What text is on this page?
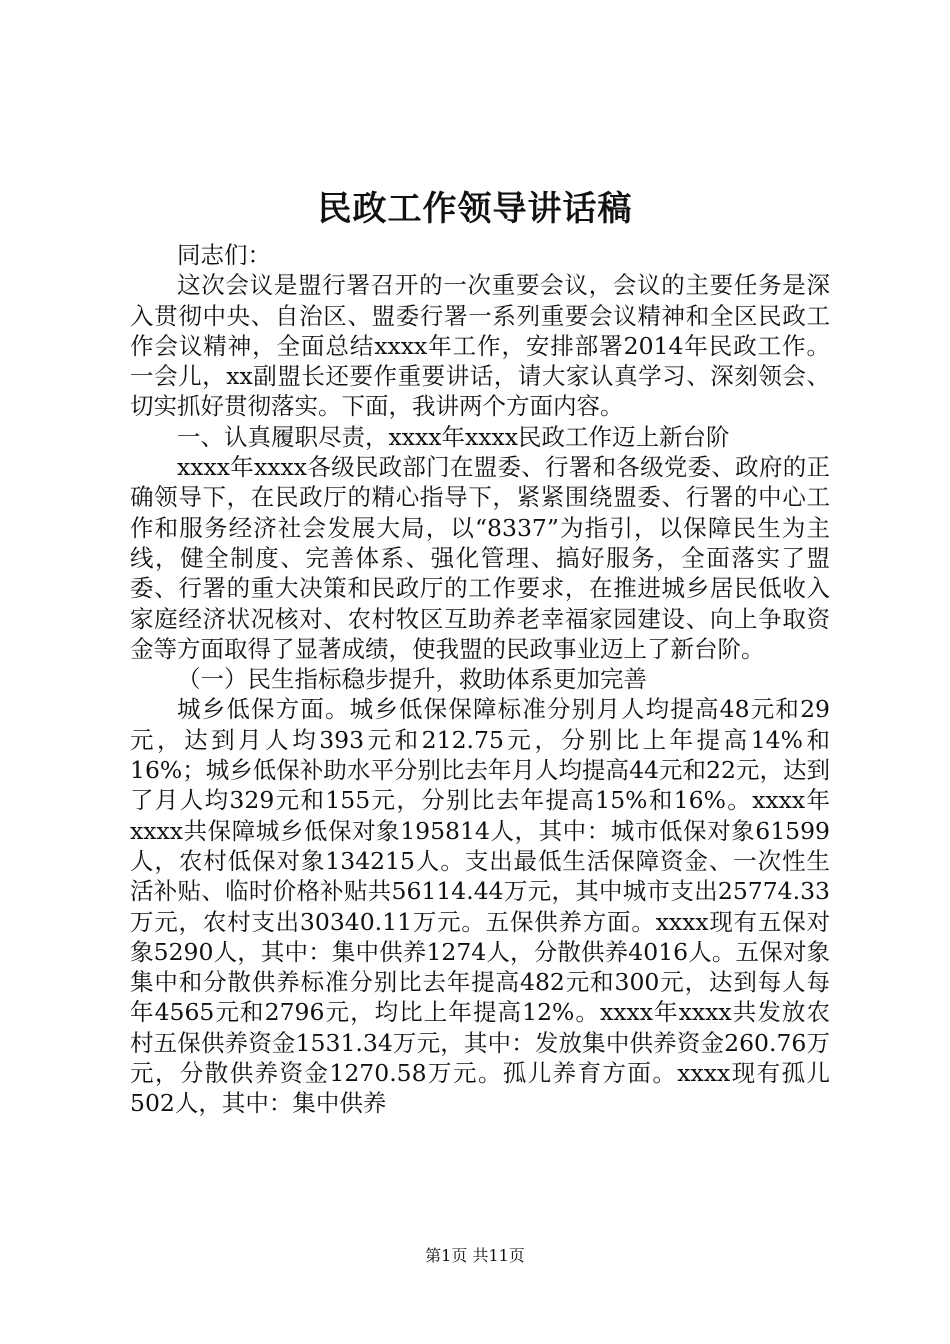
民政工作领导讲话稿

同志们：

这次会议是盟行署召开的一次重要会议，会议的主要任务是深入贯彻中央、自治区、盟委行署一系列重要会议精神和全区民政工作会议精神，全面总结xxxx年工作，安排部署2014年民政工作。一会儿，xx副盟长还要作重要讲话，请大家认真学习、深刻领会、切实抓好贯彻落实。下面，我讲两个方面内容。

一、认真履职尽责，xxxx年xxxx民政工作迈上新台阶

xxxx年xxxx各级民政部门在盟委、行署和各级党委、政府的正确领导下，在民政厅的精心指导下，紧紧围绕盟委、行署的中心工作和服务经济社会发展大局，以“8337”为指引，以保障民生为主线，健全制度、完善体系、强化管理、搞好服务，全面落实了盟委、行署的重大决策和民政厅的工作要求，在推进城乡居民低收入家庭经济状况核对、农村牧区互助养老幸福家园建设、向上争取资金等方面取得了显著成绩，使我盟的民政事业迈上了新台阶。

（一）民生指标稳步提升，救助体系更加完善

城乡低保方面。城乡低保保障标准分别月人均提高48元和29元，达到月人均393元和212.75元，分别比上年提高14%和16%；城乡低保补助水平分别比去年月人均提高44元和22元，达到了月人均329元和155元，分别比去年提高15%和16%。xxxx年xxxx共保障城乡低保对象195814人，其中：城市低保对象61599人，农村低保对象134215人。支出最低生活保障资金、一次性生活补贴、临时价格补贴共56114.44万元，其中城市支出25774.33万元，农村支出30340.11万元。五保供养方面。xxxx现有五保对象5290人，其中：集中供养1274人，分散供养4016人。五保对象集中和分散供养标准分别比去年提高482元和300元，达到每人每年4565元和2796元，均比上年提高12%。xxxx年xxxx共发放农村五保供养资金1531.34万元，其中：发放集中供养资金260.76万元，分散供养资金1270.58万元。孤儿养育方面。xxxx现有孤儿502人，其中：集中供养

第1页 共11页
